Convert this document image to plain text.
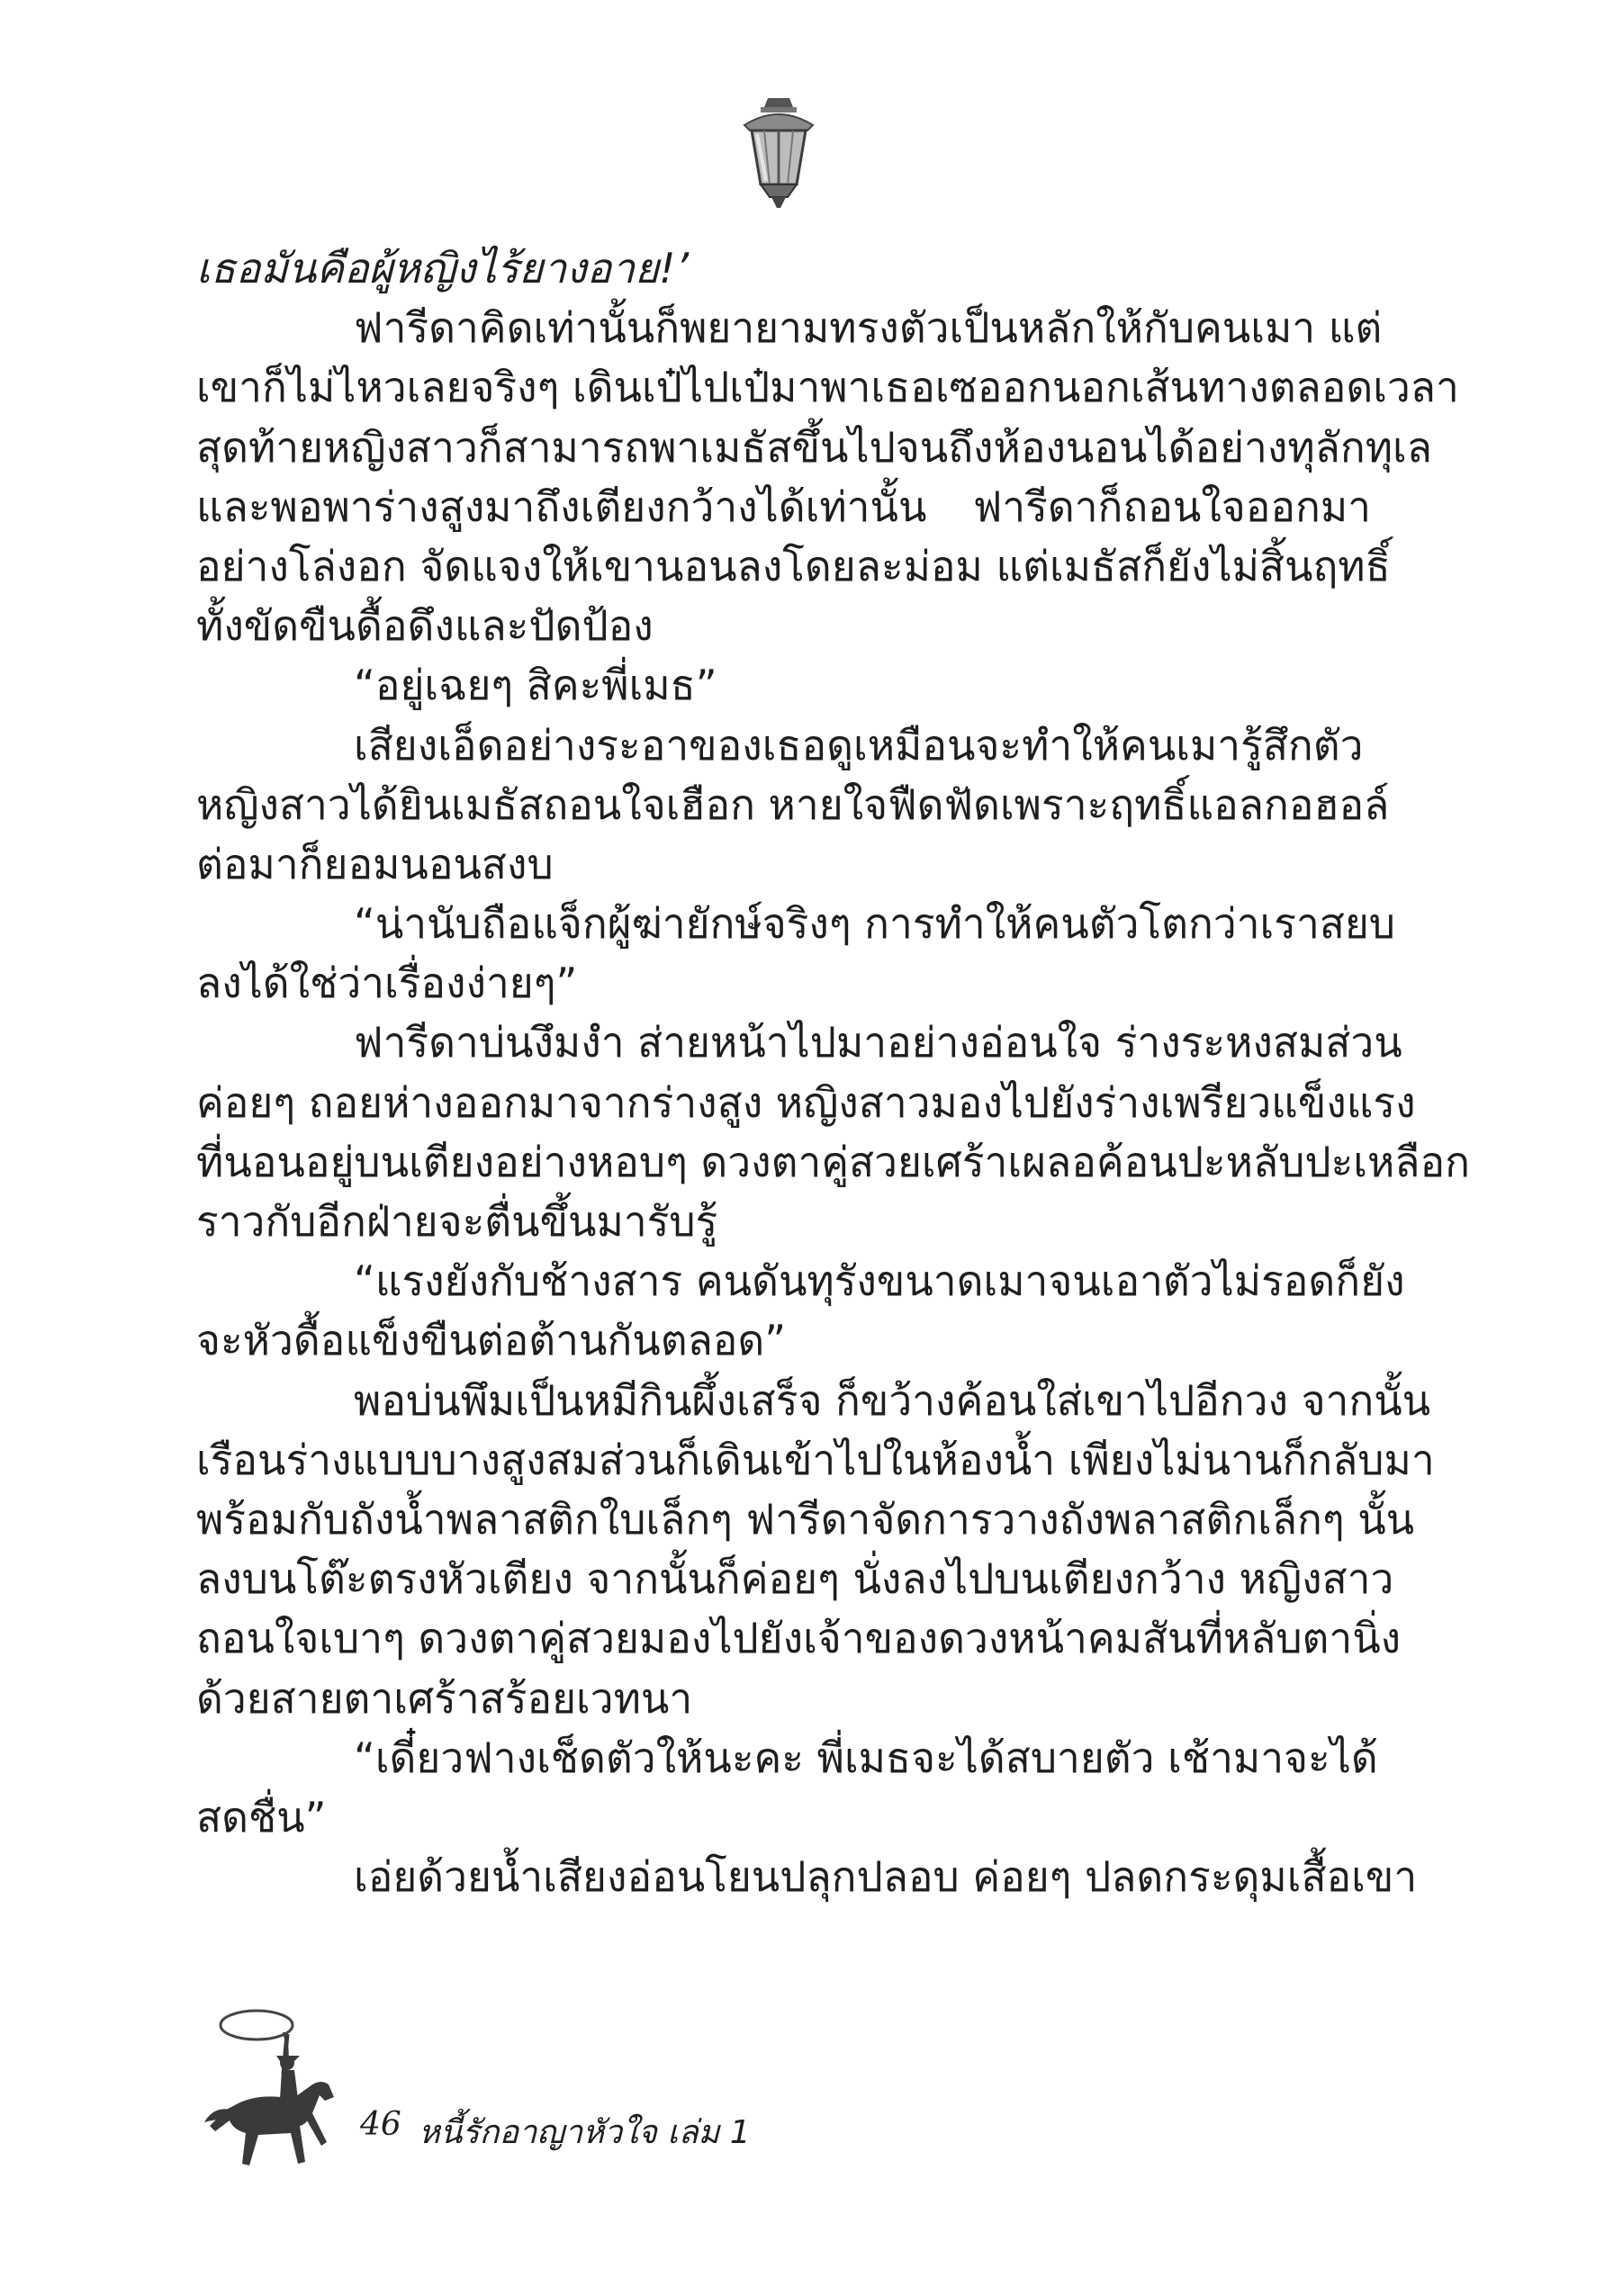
เธอมันคือผู้หญิงไร้ยางอาย!’
ฟารีดาคิดเท่านั้นก็พยายามทรงตัวเป็นหลักให้กับคนเมา แต่
เขาก็ไม่ไหวเลยจริงๆ เดินเป๋ไปเป๋มาพาเธอเซออกนอกเส้นทางตลอดเวลา
สุดท้ายหญิงสาวก็สามารถพาเมธัสขึ้นไปจนถึงห้องนอนได้อย่างทุลักทุเล
และพอพาร่างสูงมาถึงเตียงกว้างได้เท่านั้น ฟารีดาก็ถอนใจออกมา
อย่างโล่งอก จัดแจงให้เขานอนลงโดยละม่อม แต่เมธัสก็ยังไม่สิ้นฤทธิ์
ทั้งขัดขืนดื้อดึงและปัดป้อง
“อยู่เฉยๆ สิคะพี่เมธ”
เสียงเอ็ดอย่างระอาของเธอดูเหมือนจะทำให้คนเมารู้สึกตัว
หญิงสาวได้ยินเมธัสถอนใจเฮือก หายใจฟืดฟัดเพราะฤทธิ์แอลกอฮอล์
ต่อมาก็ยอมนอนสงบ
“น่านับถือแจ็กผู้ฆ่ายักษ์จริงๆ การทำให้คนตัวโตกว่าเราสยบ
ลงได้ใช่ว่าเรื่องง่ายๆ”
ฟารีดาบ่นงึมงำ ส่ายหน้าไปมาอย่างอ่อนใจ ร่างระหงสมส่วน
ค่อยๆ ถอยห่างออกมาจากร่างสูง หญิงสาวมองไปยังร่างเพรียวแข็งแรง
ที่นอนอยู่บนเตียงอย่างหอบๆ ดวงตาคู่สวยเศร้าเผลอค้อนปะหลับปะเหลือก
ราวกับอีกฝ่ายจะตื่นขึ้นมารับรู้
“แรงยังกับช้างสาร คนดันทุรังขนาดเมาจนเอาตัวไม่รอดก็ยัง
จะหัวดื้อแข็งขืนต่อต้านกันตลอด”
พอบ่นพึมเป็นหมีกินผึ้งเสร็จ ก็ขว้างค้อนใส่เขาไปอีกวง จากนั้น
เรือนร่างแบบบางสูงสมส่วนก็เดินเข้าไปในห้องน้ำ เพียงไม่นานก็กลับมา
พร้อมกับถังน้ำพลาสติกใบเล็กๆ ฟารีดาจัดการวางถังพลาสติกเล็กๆ นั้น
ลงบนโต๊ะตรงหัวเตียง จากนั้นก็ค่อยๆ นั่งลงไปบนเตียงกว้าง หญิงสาว
ถอนใจเบาๆ ดวงตาคู่สวยมองไปยังเจ้าของดวงหน้าคมสันที่หลับตานิ่ง
ด้วยสายตาเศร้าสร้อยเวทนา
“เดี๋ยวฟางเช็ดตัวให้นะคะ พี่เมธจะได้สบายตัว เช้ามาจะได้
สดชื่น”
เอ่ยด้วยน้ำเสียงอ่อนโยนปลุกปลอบ ค่อยๆ ปลดกระดุมเสื้อเขา
46 หนี้รักอาญาหัวใจ เล่ม 1
